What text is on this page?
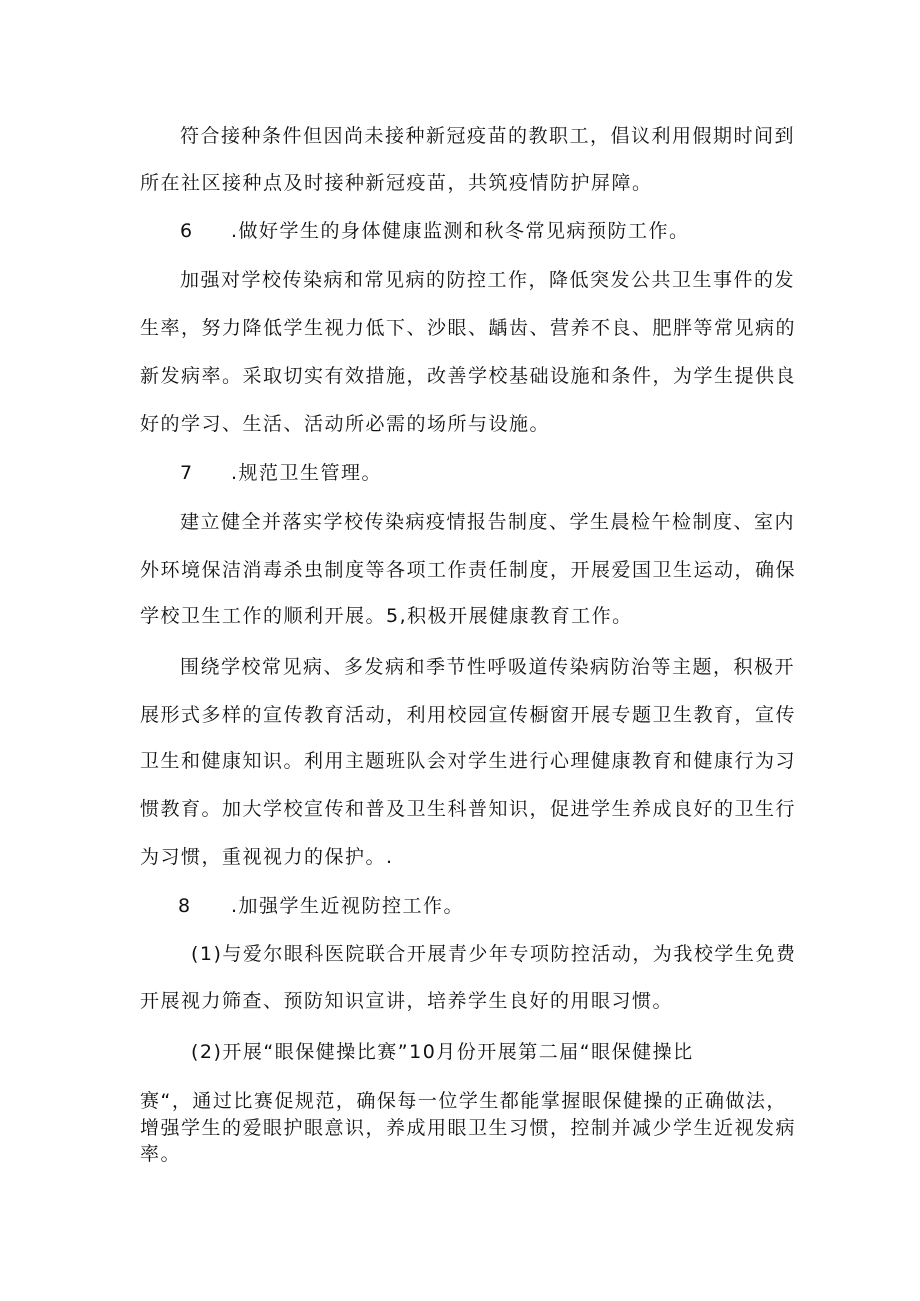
符合接种条件但因尚未接种新冠疫苗的教职工，倡议利用假期时间到
所在社区接种点及时接种新冠疫苗，共筑疫情防护屏障。
6 .做好学生的身体健康监测和秋冬常见病预防工作。
加强对学校传染病和常见病的防控工作，降低突发公共卫生事件的发
生率，努力降低学生视力低下、沙眼、龋齿、营养不良、肥胖等常见病的
新发病率。采取切实有效措施，改善学校基础设施和条件，为学生提供良
好的学习、生活、活动所必需的场所与设施。
7 .规范卫生管理。
建立健全并落实学校传染病疫情报告制度、学生晨检午检制度、室内
外环境保洁消毒杀虫制度等各项工作责任制度，开展爱国卫生运动，确保
学校卫生工作的顺利开展。5,积极开展健康教育工作。
围绕学校常见病、多发病和季节性呼吸道传染病防治等主题，积极开
展形式多样的宣传教育活动，利用校园宣传橱窗开展专题卫生教育，宣传
卫生和健康知识。利用主题班队会对学生进行心理健康教育和健康行为习
惯教育。加大学校宣传和普及卫生科普知识，促进学生养成良好的卫生行
为习惯，重视视力的保护。.
8 .加强学生近视防控工作。
(1)与爱尔眼科医院联合开展青少年专项防控活动，为我校学生免费
开展视力筛查、预防知识宣讲，培养学生良好的用眼习惯。
(2)开展“眼保健操比赛”10月份开展第二届“眼保健操比
赛“，通过比赛促规范，确保每一位学生都能掌握眼保健操的正确做法，
增强学生的爱眼护眼意识，养成用眼卫生习惯，控制并减少学生近视发病
率。
